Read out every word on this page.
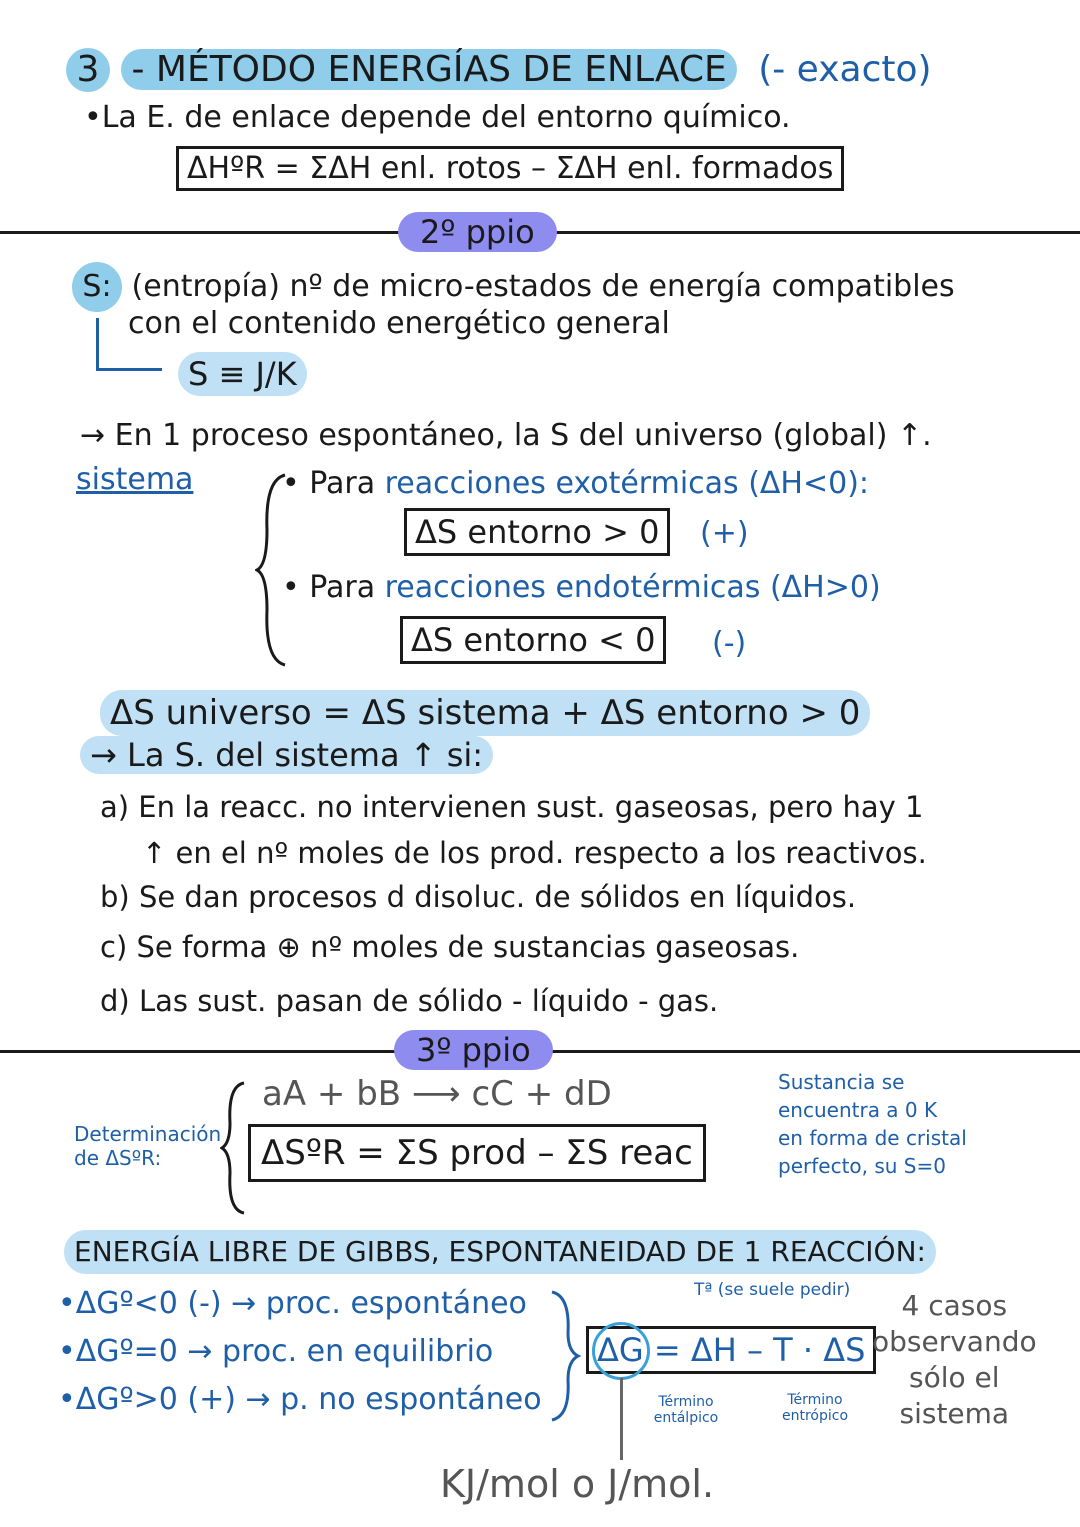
3 - MÉTODO ENERGÍAS DE ENLACE (- exacto)
•La E. de enlace depende del entorno químico.
ΔHºR = ΣΔH enl. rotos – ΣΔH enl. formados
2º ppio
S: (entropía) nº de micro-estados de energía compatibles
con el contenido energético general
S ≡ J/K
→ En 1 proceso espontáneo, la S del universo (global) ↑.
sistema	• Para reacciones exotérmicas (ΔH<0):
ΔS entorno > 0	(+)
• Para reacciones endotérmicas (ΔH>0)
ΔS entorno < 0	(-)
ΔS universo = ΔS sistema + ΔS entorno > 0
→ La S. del sistema ↑ si:
a) En la reacc. no intervienen sust. gaseosas, pero hay 1
↑ en el nº moles de los prod. respecto a los reactivos.
b) Se dan procesos d disoluc. de sólidos en líquidos.
c) Se forma ⊕ nº moles de sustancias gaseosas.
d) Las sust. pasan de sólido - líquido - gas.
3º ppio
Determinación de ΔSºR:
aA + bB ⟶ cC + dD
ΔSºR = ΣS prod – ΣS reac
Sustancia se
encuentra a 0 K
en forma de cristal
perfecto, su S=0
ENERGÍA LIBRE DE GIBBS, ESPONTANEIDAD DE 1 REACCIÓN:
•ΔGº<0 (-) → proc. espontáneo
•ΔGº=0 → proc. en equilibrio
•ΔGº>0 (+) → p. no espontáneo
Tª (se suele pedir)
ΔG = ΔH – T · ΔS
Término entálpico
Término entrópico
4 casos
observando
sólo el
sistema
KJ/mol o J/mol.
